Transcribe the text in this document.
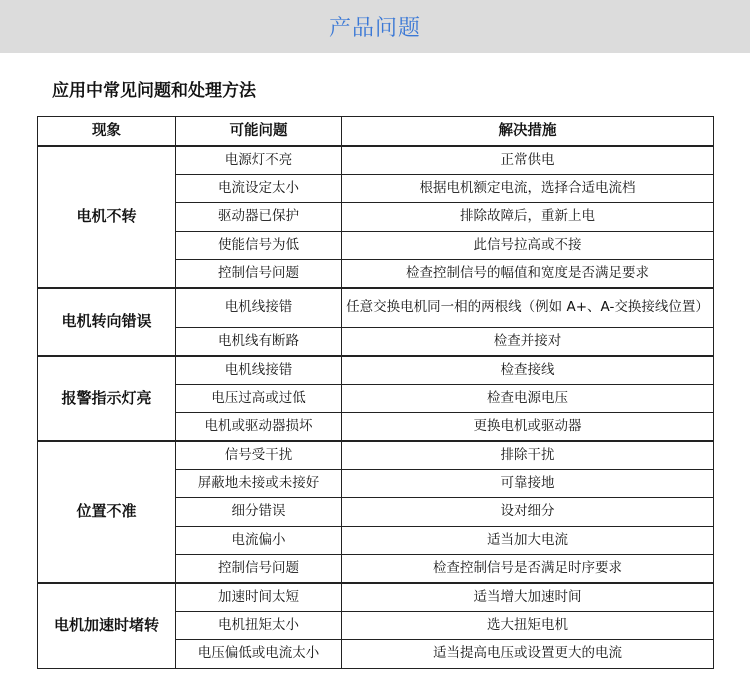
产品问题
应用中常见问题和处理方法
现象	可能问题	解决措施
电机不转	电源灯不亮	正常供电
	电流设定太小	根据电机额定电流，选择合适电流档
	驱动器已保护	排除故障后，重新上电
	使能信号为低	此信号拉高或不接
	控制信号问题	检查控制信号的幅值和宽度是否满足要求
电机转向错误	电机线接错	任意交换电机同一相的两根线（例如 A+、A-交换接线位置）
	电机线有断路	检查并接对
报警指示灯亮	电机线接错	检查接线
	电压过高或过低	检查电源电压
	电机或驱动器损坏	更换电机或驱动器
位置不准	信号受干扰	排除干扰
	屏蔽地未接或未接好	可靠接地
	细分错误	设对细分
	电流偏小	适当加大电流
	控制信号问题	检查控制信号是否满足时序要求
电机加速时堵转	加速时间太短	适当增大加速时间
	电机扭矩太小	选大扭矩电机
	电压偏低或电流太小	适当提高电压或设置更大的电流
